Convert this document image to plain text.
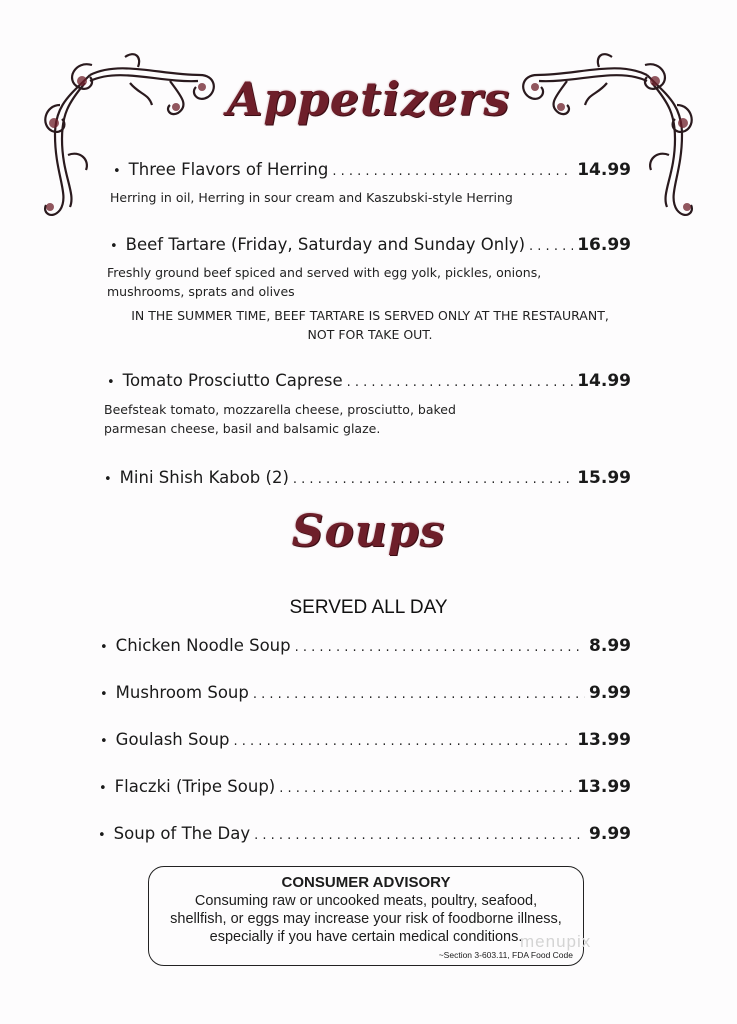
Appetizers
• Three Flavors of Herring . . .	14.99
Herring in oil, Herring in sour cream and Kaszubski-style Herring
• Beef Tartare (Friday, Saturday and Sunday Only) . . .	16.99
Freshly ground beef spiced and served with egg yolk, pickles, onions,
mushrooms, sprats and olives
IN THE SUMMER TIME, BEEF TARTARE IS SERVED ONLY AT THE RESTAURANT,
NOT FOR TAKE OUT.
• Tomato Prosciutto Caprese . . .	14.99
Beefsteak tomato, mozzarella cheese, prosciutto, baked
parmesan cheese, basil and balsamic glaze.
• Mini Shish Kabob (2) . . .	15.99
Soups
SERVED ALL DAY
• Chicken Noodle Soup . . .	8.99
• Mushroom Soup . . .	9.99
• Goulash Soup . . .	13.99
• Flaczki (Tripe Soup) . . .	13.99
• Soup of The Day . . .	9.99
CONSUMER ADVISORY
Consuming raw or uncooked meats, poultry, seafood,
shellfish, or eggs may increase your risk of foodborne illness,
especially if you have certain medical conditions.
~Section 3-603.11, FDA Food Code
menupix
